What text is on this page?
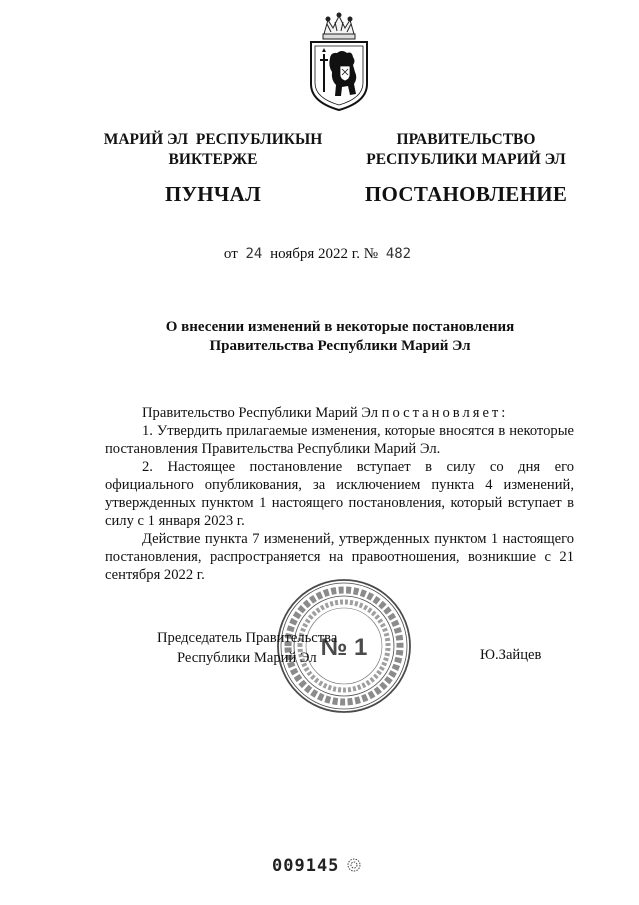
МАРИЙ ЭЛ  РЕСПУБЛИКЫН
ВИКТЕРЖЕ
ПУНЧАЛ
ПРАВИТЕЛЬСТВО
РЕСПУБЛИКИ МАРИЙ ЭЛ
ПОСТАНОВЛЕНИЕ
от 24 ноября 2022 г. № 482
О внесении изменений в некоторые постановления
Правительства Республики Марий Эл

Правительство Республики Марий Эл постановляет:

1. Утвердить прилагаемые изменения, которые вносятся в некоторые постановления Правительства Республики Марий Эл.

2. Настоящее постановление вступает в силу со дня его официального опубликования, за исключением пункта 4 изменений, утвержденных пунктом 1 настоящего постановления, который вступает в силу с 1 января 2023 г.

Действие пункта 7 изменений, утвержденных пунктом 1 настоящего постановления, распространяется на правоотношения, возникшие с 21 сентября 2022 г.

№ 1
Председатель Правительства
Республики Марий Эл	Ю.Зайцев
009145
